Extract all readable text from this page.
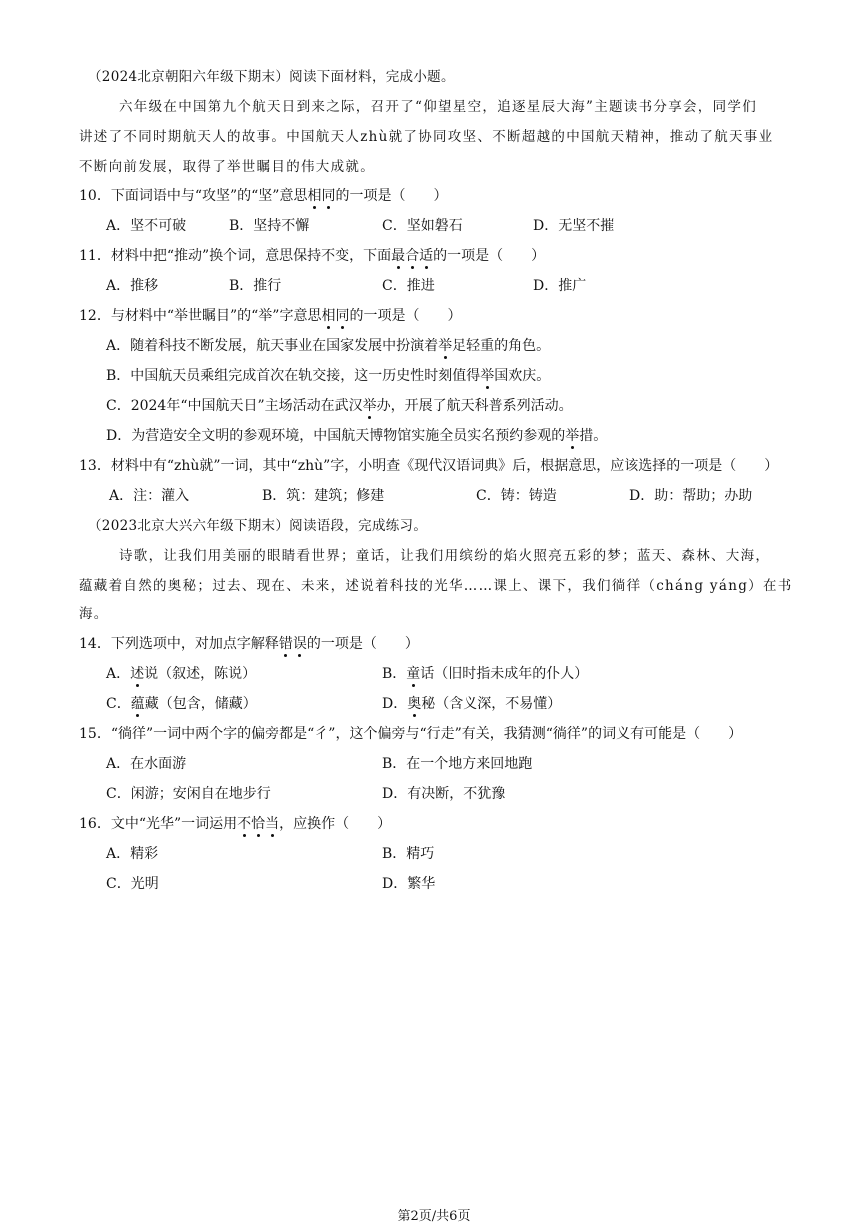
（2024北京朝阳六年级下期末）阅读下面材料，完成小题。
六年级在中国第九个航天日到来之际，召开了“仰望星空，追逐星辰大海”主题读书分享会，同学们
讲述了不同时期航天人的故事。中国航天人zhù就了协同攻坚、不断超越的中国航天精神，推动了航天事业
不断向前发展，取得了举世瞩目的伟大成就。
10．下面词语中与“攻坚”的“坚”意思相同的一项是（　　）
A．坚不可破	B．坚持不懈	C．坚如磐石	D．无坚不摧
11．材料中把“推动”换个词，意思保持不变，下面最合适的一项是（　　）
A．推移	B．推行	C．推进	D．推广
12．与材料中“举世瞩目”的“举”字意思相同的一项是（　　）
A．随着科技不断发展，航天事业在国家发展中扮演着举足轻重的角色。
B．中国航天员乘组完成首次在轨交接，这一历史性时刻值得举国欢庆。
C．2024年“中国航天日”主场活动在武汉举办，开展了航天科普系列活动。
D．为营造安全文明的参观环境，中国航天博物馆实施全员实名预约参观的举措。
13．材料中有“zhù就”一词，其中“zhù”字，小明查《现代汉语词典》后，根据意思，应该选择的一项是（　　）
A．注：灌入	B．筑：建筑；修建	C．铸：铸造	D．助：帮助；办助
（2023北京大兴六年级下期末）阅读语段，完成练习。
诗歌，让我们用美丽的眼睛看世界；童话，让我们用缤纷的焰火照亮五彩的梦；蓝天、森林、大海，
蕴藏着自然的奥秘；过去、现在、未来，述说着科技的光华……课上、课下，我们徜徉（cháng yáng）在书
海。
14．下列选项中，对加点字解释错误的一项是（　　）
A．述说（叙述，陈说）	B．童话（旧时指未成年的仆人）
C．蕴藏（包含，储藏）	D．奥秘（含义深，不易懂）
15．“徜徉”一词中两个字的偏旁都是“彳”，这个偏旁与“行走”有关，我猜测“徜徉”的词义有可能是（　　）
A．在水面游	B．在一个地方来回地跑
C．闲游；安闲自在地步行	D．有决断，不犹豫
16．文中“光华”一词运用不恰当，应换作（　　）
A．精彩	B．精巧
C．光明	D．繁华
第2页/共6页
